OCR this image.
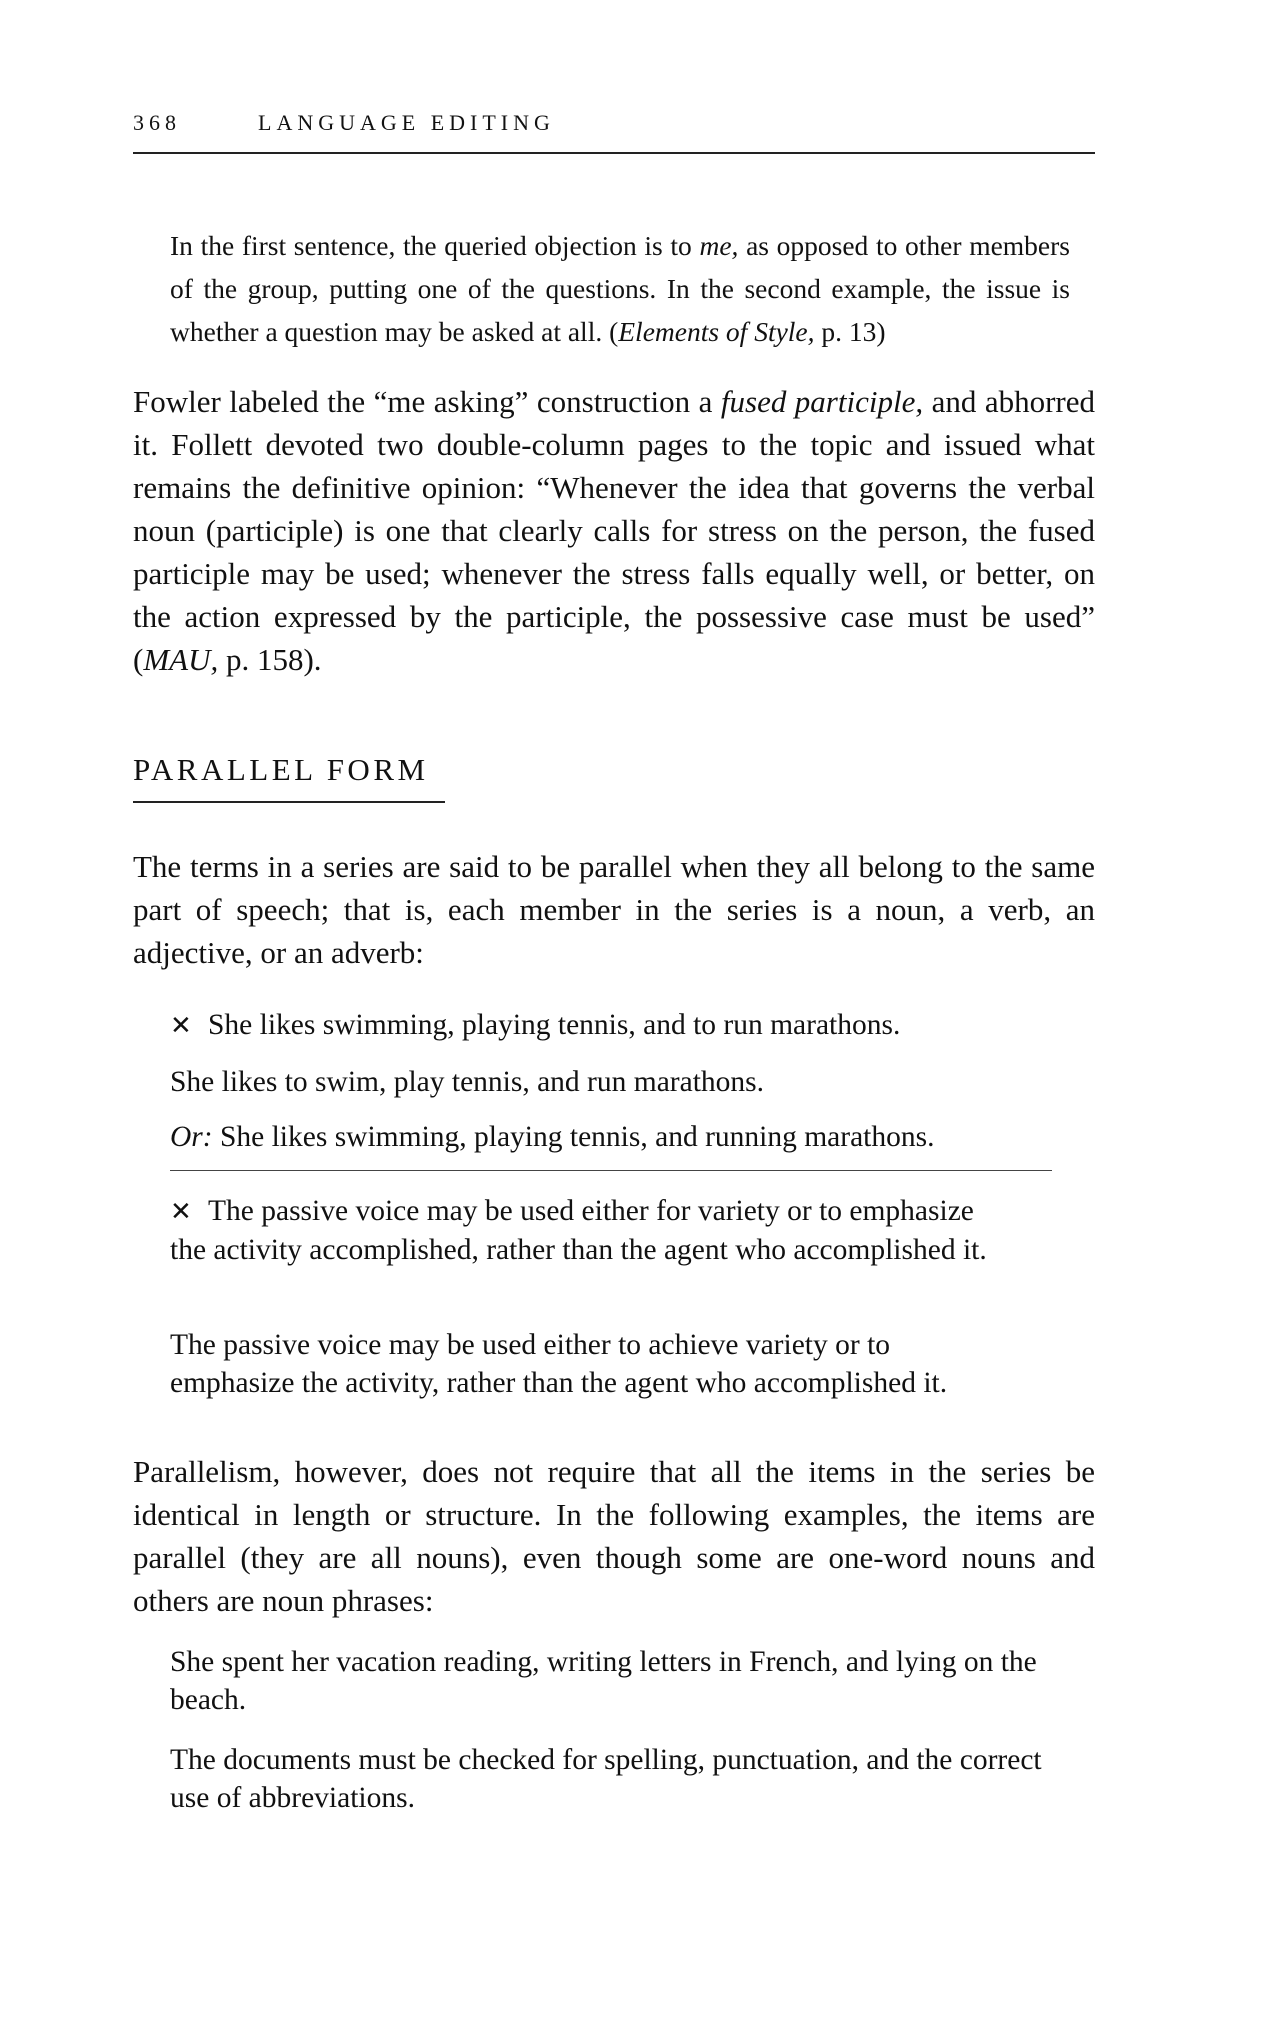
368	LANGUAGE EDITING
In the first sentence, the queried objection is to me, as opposed to other members of the group, putting one of the questions. In the second example, the issue is whether a question may be asked at all. (Elements of Style, p. 13)
Fowler labeled the “me asking” construction a fused participle, and abhorred it. Follett devoted two double-column pages to the topic and issued what remains the definitive opinion: “Whenever the idea that governs the verbal noun (participle) is one that clearly calls for stress on the person, the fused participle may be used; whenever the stress falls equally well, or better, on the action expressed by the participle, the possessive case must be used” (MAU, p. 158).
PARALLEL FORM
The terms in a series are said to be parallel when they all belong to the same part of speech; that is, each member in the series is a noun, a verb, an adjective, or an adverb:
✕ She likes swimming, playing tennis, and to run marathons.
She likes to swim, play tennis, and run marathons.
Or: She likes swimming, playing tennis, and running marathons.
✕ The passive voice may be used either for variety or to emphasize the activity accomplished, rather than the agent who accomplished it.
The passive voice may be used either to achieve variety or to emphasize the activity, rather than the agent who accomplished it.
Parallelism, however, does not require that all the items in the series be identical in length or structure. In the following examples, the items are parallel (they are all nouns), even though some are one-word nouns and others are noun phrases:
She spent her vacation reading, writing letters in French, and lying on the beach.
The documents must be checked for spelling, punctuation, and the correct use of abbreviations.
